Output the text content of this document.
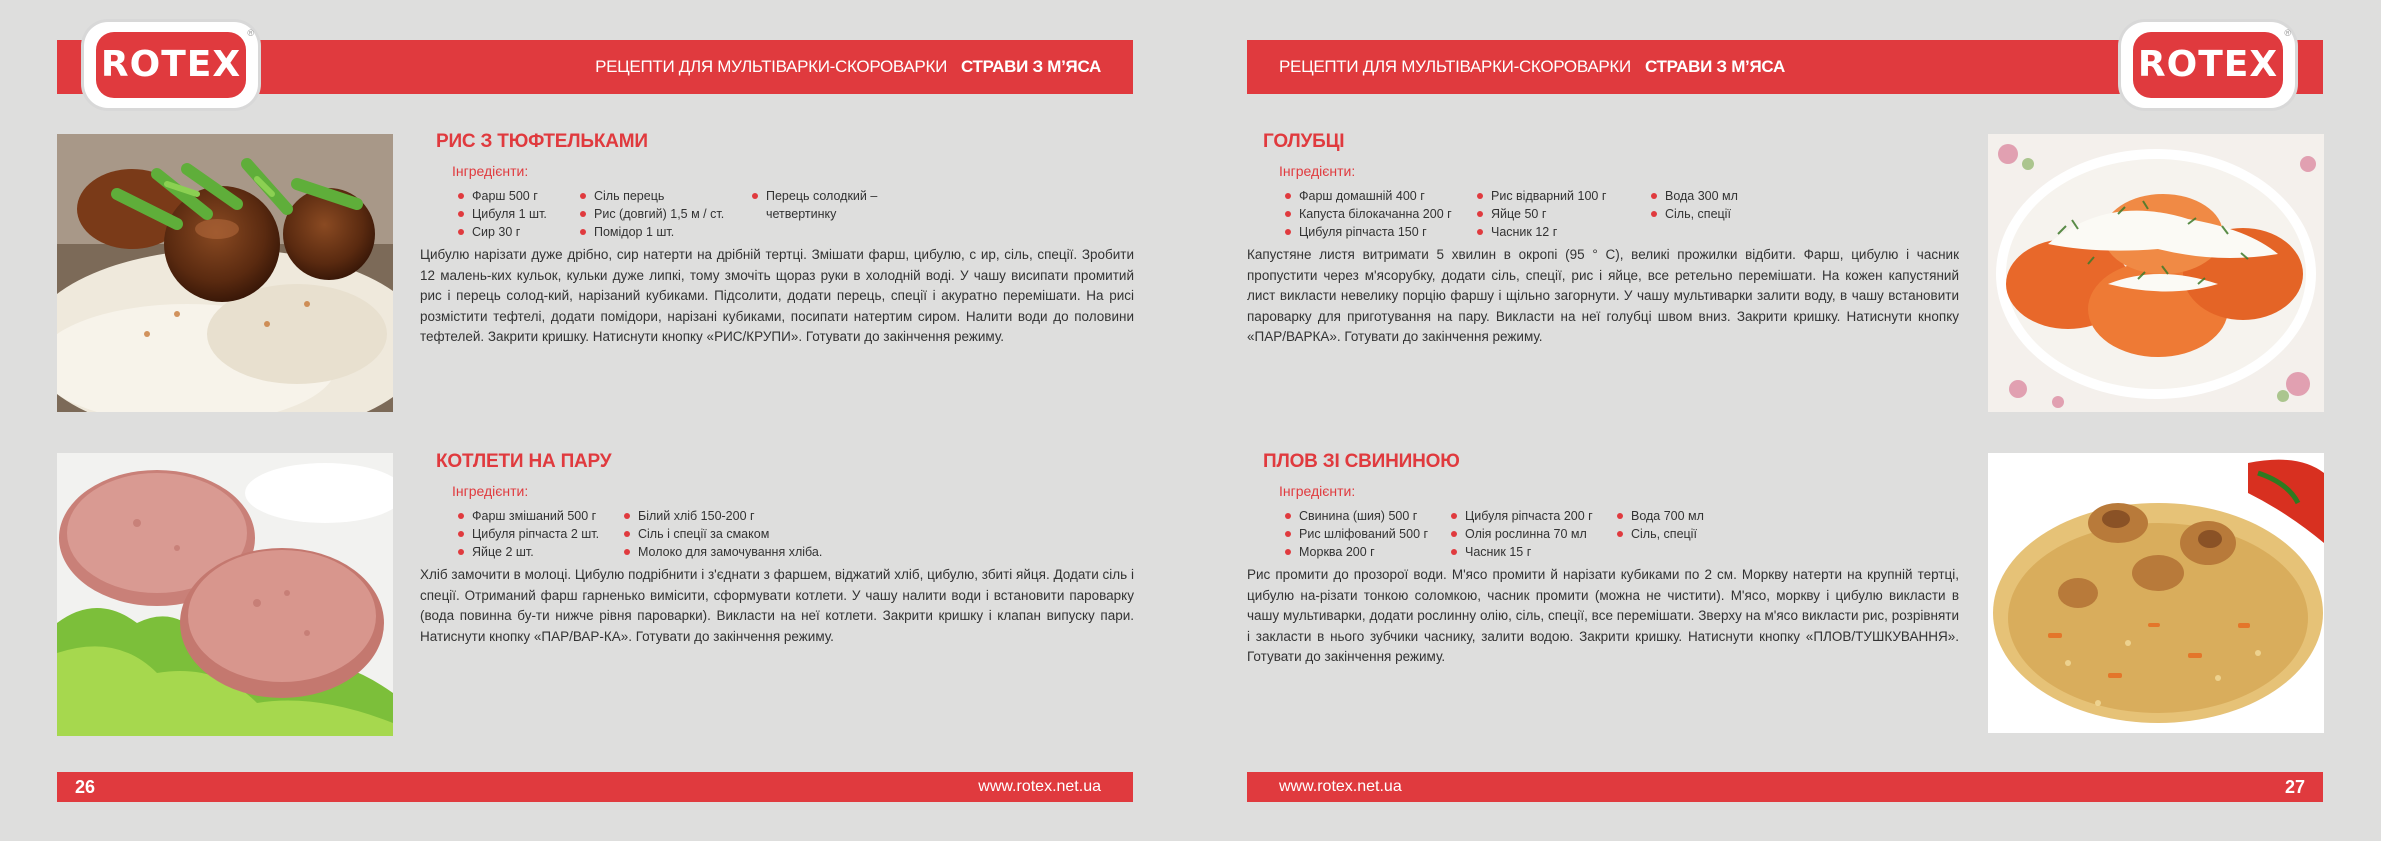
РЕЦЕПТИ ДЛЯ МУЛЬТІВАРКИ-СКОРОВАРКИ СТРАВИ З М’ЯСА
ROTEX
®
РИС З ТЮФТЕЛЬКАМИ
Інгредієнти:
Фарш 500 г
Цибуля 1 шт.
Сир 30 г
Сіль перець
Рис (довгий) 1,5 м / ст.
Помідор 1 шт.
Перець солодкий –
четвертинку

Цибулю нарізати дуже дрібно, сир натерти на дрібній тертці. Змішати фарш, цибулю, с ир, сіль, спеції. Зробити 12 малень-ких кульок, кульки дуже липкі, тому змочіть щораз руки в холодній воді. У чашу висипати промитий рис і перець солод-кий, нарізаний кубиками. Підсолити, додати перець, спеції і акуратно перемішати. На рисі розмістити тефтелі, додати помідори, нарізані кубиками, посипати натертим сиром. Налити води до половини тефтелей. Закрити кришку. Натиснути кнопку «РИС/КРУПИ». Готувати до закінчення режиму.

КОТЛЕТИ НА ПАРУ
Інгредієнти:
Фарш змішаний 500 г
Цибуля ріпчаста 2 шт.
Яйце 2 шт.
Білий хліб 150-200 г
Сіль і спеції за смаком
Молоко для замочування хліба.

Хліб замочити в молоці. Цибулю подрібнити і з'єднати з фаршем, віджатий хліб, цибулю, збиті яйця. Додати сіль і спеції. Отриманий фарш гарненько вимісити, сформувати котлети. У чашу налити води і встановити пароварку (вода повинна бу-ти нижче рівня пароварки). Викласти на неї котлети. Закрити кришку і клапан випуску пари. Натиснути кнопку «ПАР/ВАР-КА». Готувати до закінчення режиму.

26	www.rotex.net.ua
РЕЦЕПТИ ДЛЯ МУЛЬТІВАРКИ-СКОРОВАРКИ СТРАВИ З М’ЯСА	ROTEX
®
ГОЛУБЦІ
Інгредієнти:
Фарш домашній 400 г
Капуста білокачанна 200 г
Цибуля ріпчаста 150 г
Рис відварний 100 г
Яйце 50 г
Часник 12 г
Вода 300 мл
Сіль, спеції

Капустяне листя витримати 5 хвилин в окропі (95 ° С), великі прожилки відбити. Фарш, цибулю і часник пропустити через м'ясорубку, додати сіль, спеції, рис і яйце, все ретельно перемішати. На кожен капустяний лист викласти невелику порцію фаршу і щільно загорнути. У чашу мультиварки залити воду, в чашу встановити пароварку для приготування на пару. Викласти на неї голубці швом вниз. Закрити кришку. Натиснути кнопку «ПАР/ВАРКА». Готувати до закінчення режиму.

ПЛОВ ЗІ СВИНИНОЮ
Інгредієнти:
Свинина (шия) 500 г
Рис шліфований 500 г
Морква 200 г
Цибуля ріпчаста 200 г
Олія рослинна 70 мл
Часник 15 г
Вода 700 мл
Сіль, спеції

Рис промити до прозорої води. М'ясо промити й нарізати кубиками по 2 см. Моркву натерти на крупній тертці, цибулю на-різати тонкою соломкою, часник промити (можна не чистити). М'ясо, моркву і цибулю викласти в чашу мультиварки, додати рослинну олію, сіль, спеції, все перемішати. Зверху на м'ясо викласти рис, розрівняти і закласти в нього зубчики часнику, залити водою. Закрити кришку. Натиснути кнопку «ПЛОВ/ТУШКУВАННЯ». Готувати до закінчення режиму.

www.rotex.net.ua	27
